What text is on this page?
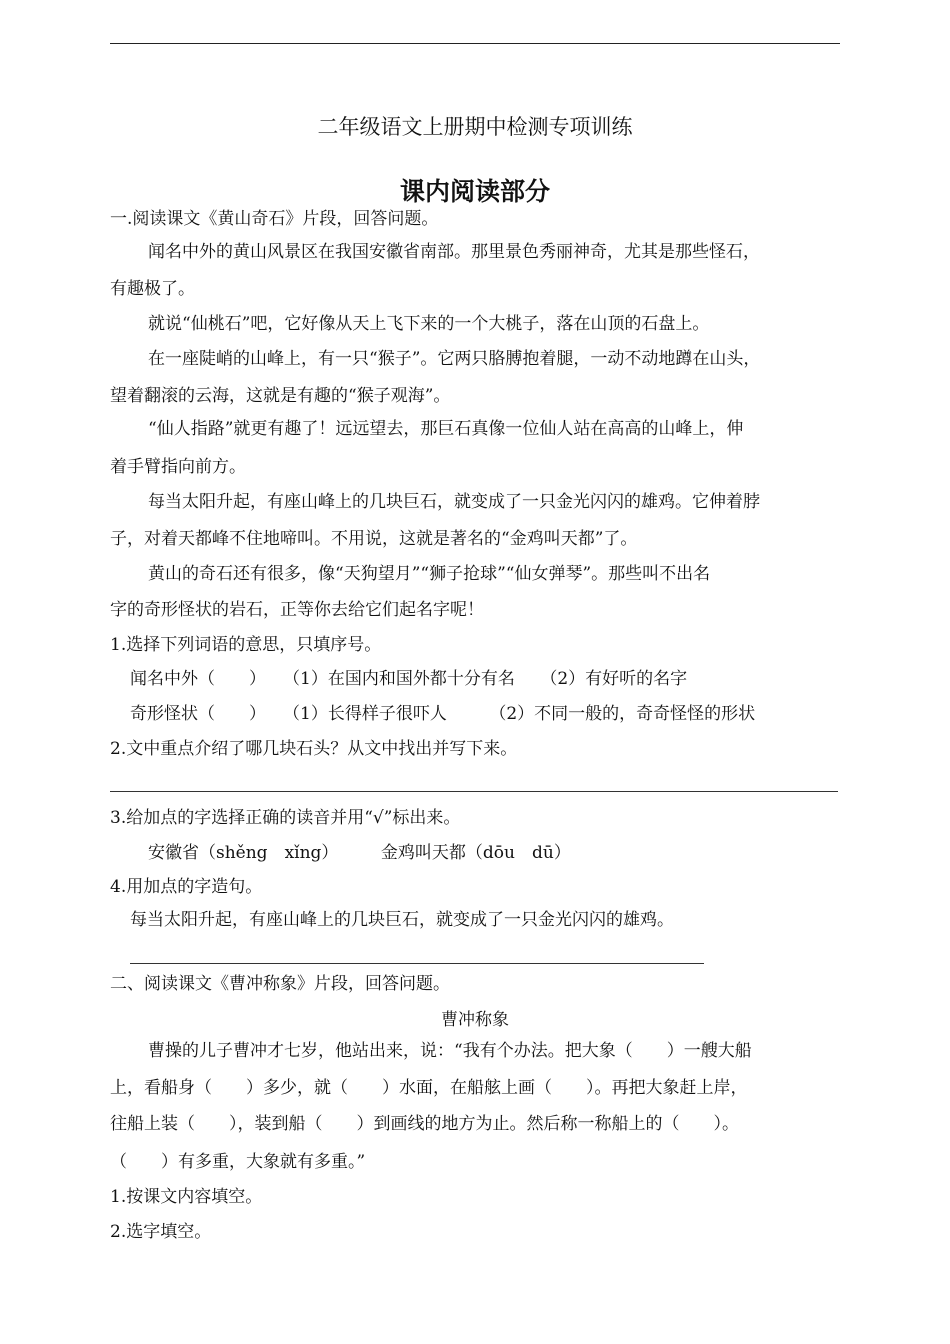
二年级语文上册期中检测专项训练
课内阅读部分
一.阅读课文《黄山奇石》片段，回答问题。
闻名中外的黄山风景区在我国安徽省南部。那里景色秀丽神奇，尤其是那些怪石，
有趣极了。
就说“仙桃石”吧，它好像从天上飞下来的一个大桃子，落在山顶的石盘上。
在一座陡峭的山峰上，有一只“猴子”。它两只胳膊抱着腿，一动不动地蹲在山头，
望着翻滚的云海，这就是有趣的“猴子观海”。
“仙人指路”就更有趣了！远远望去，那巨石真像一位仙人站在高高的山峰上，伸
着手臂指向前方。
每当太阳升起，有座山峰上的几块巨石，就变成了一只金光闪闪的雄鸡。它伸着脖
子，对着天都峰不住地啼叫。不用说，这就是著名的“金鸡叫天都”了。
黄山的奇石还有很多，像“天狗望月”“狮子抢球”“仙女弹琴”。那些叫不出名
字的奇形怪状的岩石，正等你去给它们起名字呢！
1.选择下列词语的意思，只填序号。
闻名中外（　　）　　（1）在国内和国外都十分有名　　（2）有好听的名字
奇形怪状（　　）　　（1）长得样子很吓人　　　（2）不同一般的，奇奇怪怪的形状
2.文中重点介绍了哪几块石头？从文中找出并写下来。
3.给加点的字选择正确的读音并用“√”标出来。
安徽省（shěng　xǐng）　　　金鸡叫天都（dōu　dū）
4.用加点的字造句。
每当太阳升起，有座山峰上的几块巨石，就变成了一只金光闪闪的雄鸡。
二、阅读课文《曹冲称象》片段，回答问题。
曹冲称象
曹操的儿子曹冲才七岁，他站出来，说：“我有个办法。把大象（　　）一艘大船
上，看船身（　　）多少，就（　　）水面，在船舷上画（　　）。再把大象赶上岸，
往船上装（　　），装到船（　　）到画线的地方为止。然后称一称船上的（　　）。
（　　）有多重，大象就有多重。”
1.按课文内容填空。
2.选字填空。
